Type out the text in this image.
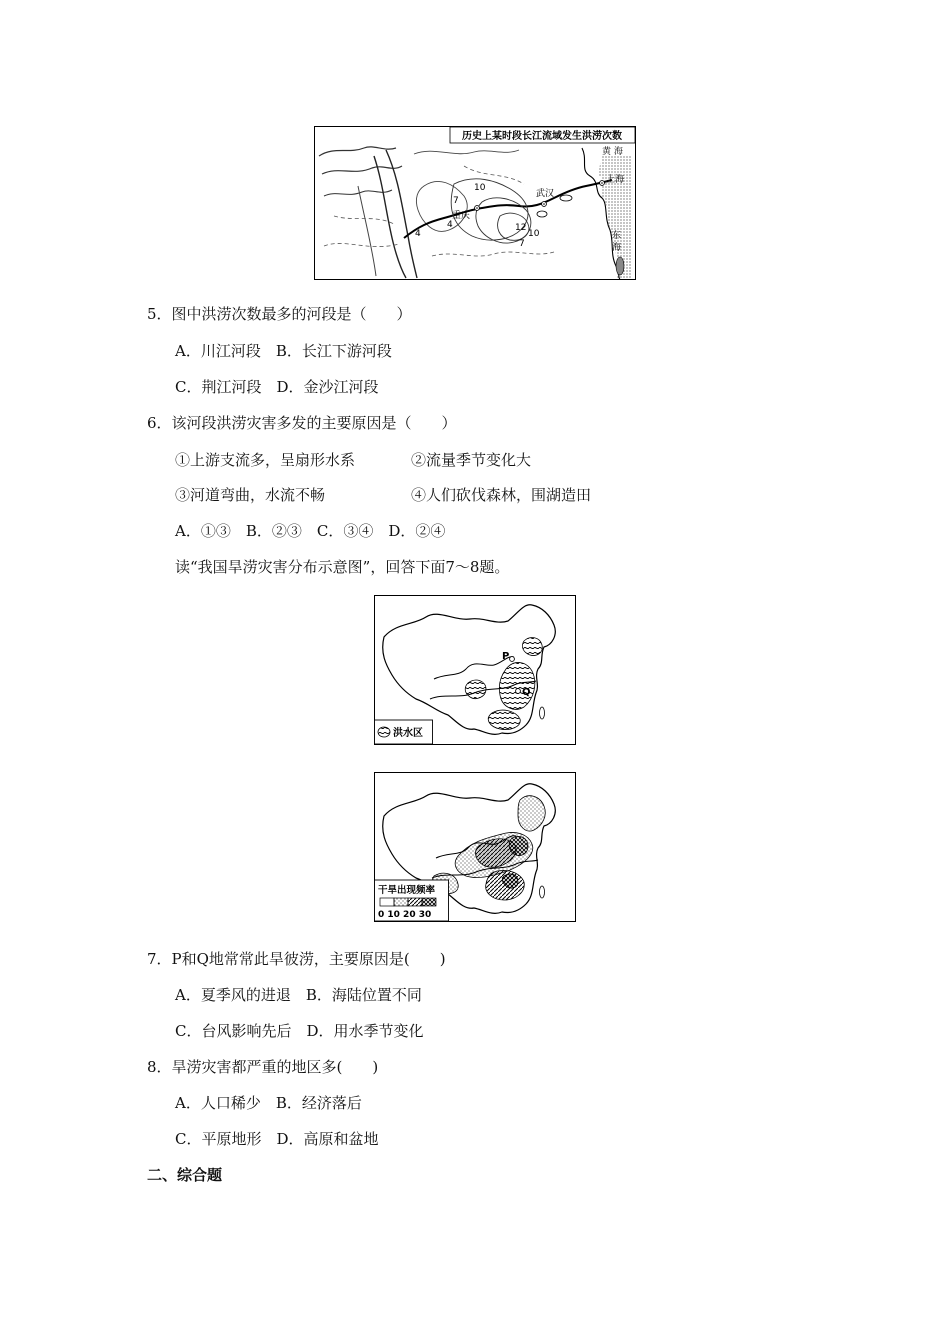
历史上某时段长江流域发生洪涝次数
黄 海
上海
东 海
武汉
重庆
10
7
4
4
12
10
7
5．图中洪涝次数最多的河段是（　　）
A．川江河段　B．长江下游河段
C．荆江河段　D．金沙江河段
6．该河段洪涝灾害多发的主要原因是（　　）
①上游支流多，呈扇形水系	②流量季节变化大
③河道弯曲，水流不畅	④人们砍伐森林，围湖造田
A．①③　B．②③　C．③④　D．②④
读“我国旱涝灾害分布示意图”，回答下面7～8题。
P
Q
洪水区
干旱出现频率
0 10 20 30
7．P和Q地常常此旱彼涝，主要原因是(　　)
A．夏季风的进退　B．海陆位置不同
C．台风影响先后　D．用水季节变化
8．旱涝灾害都严重的地区多(　　)
A．人口稀少　B．经济落后
C．平原地形　D．高原和盆地
二、综合题
